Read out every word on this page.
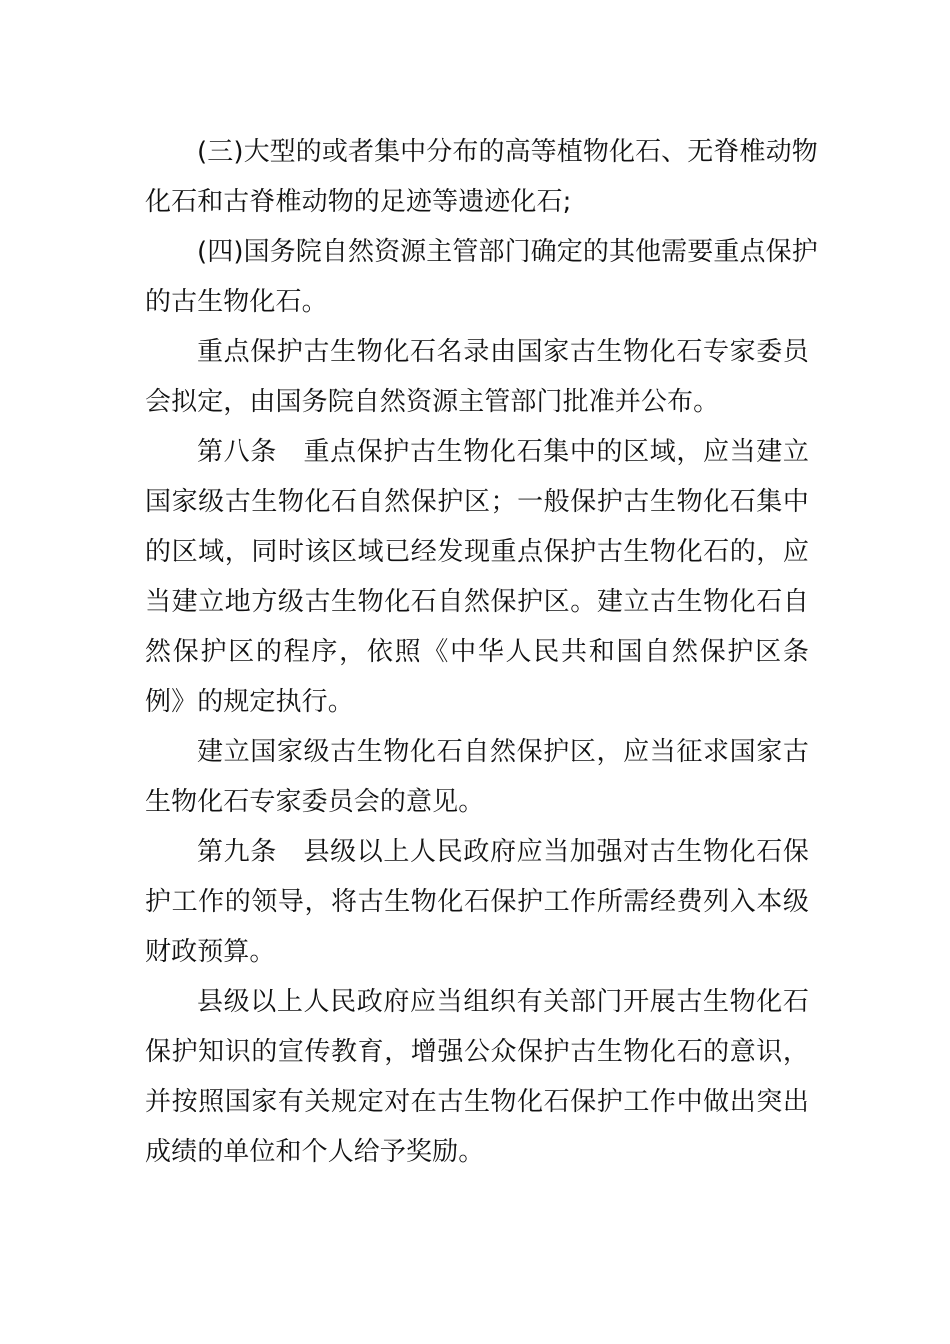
(三)大型的或者集中分布的高等植物化石、无脊椎动物
化石和古脊椎动物的足迹等遗迹化石;

(四)国务院自然资源主管部门确定的其他需要重点保护
的古生物化石。

重点保护古生物化石名录由国家古生物化石专家委员
会拟定，由国务院自然资源主管部门批准并公布。

第八条　重点保护古生物化石集中的区域，应当建立
国家级古生物化石自然保护区；一般保护古生物化石集中
的区域，同时该区域已经发现重点保护古生物化石的，应
当建立地方级古生物化石自然保护区。建立古生物化石自
然保护区的程序，依照《中华人民共和国自然保护区条
例》的规定执行。

建立国家级古生物化石自然保护区，应当征求国家古
生物化石专家委员会的意见。

第九条　县级以上人民政府应当加强对古生物化石保
护工作的领导，将古生物化石保护工作所需经费列入本级
财政预算。

县级以上人民政府应当组织有关部门开展古生物化石
保护知识的宣传教育，增强公众保护古生物化石的意识，
并按照国家有关规定对在古生物化石保护工作中做出突出
成绩的单位和个人给予奖励。
